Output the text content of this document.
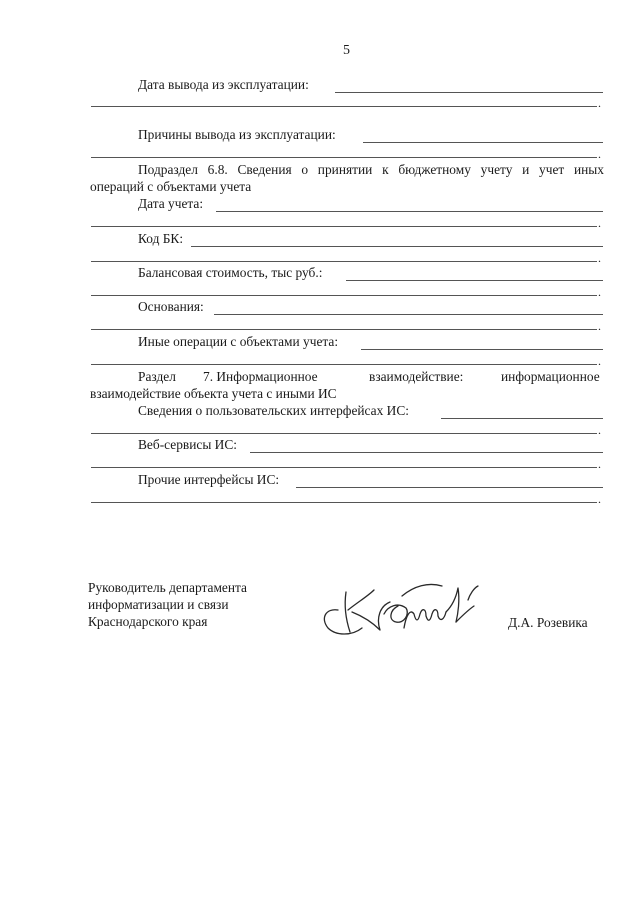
5
Дата вывода из эксплуатации:
.
Причины вывода из эксплуатации:
.
Подраздел 6.8. Сведения о принятии к бюджетному учету и учет иных
операций с объектами учета
Дата учета:
.
Код БК:
.
Балансовая стоимость, тыс руб.:
.
Основания:
.
Иные операции с объектами учета:
.
Раздел 7. Информационное	взаимодействие:	информационное
взаимодействие объекта учета с иными ИС
Сведения о пользовательских интерфейсах ИС:
.
Веб-сервисы ИС:
.
Прочие интерфейсы ИС:
.
Руководитель департамента
информатизации и связи
Краснодарского края	Д.А. Розевика
